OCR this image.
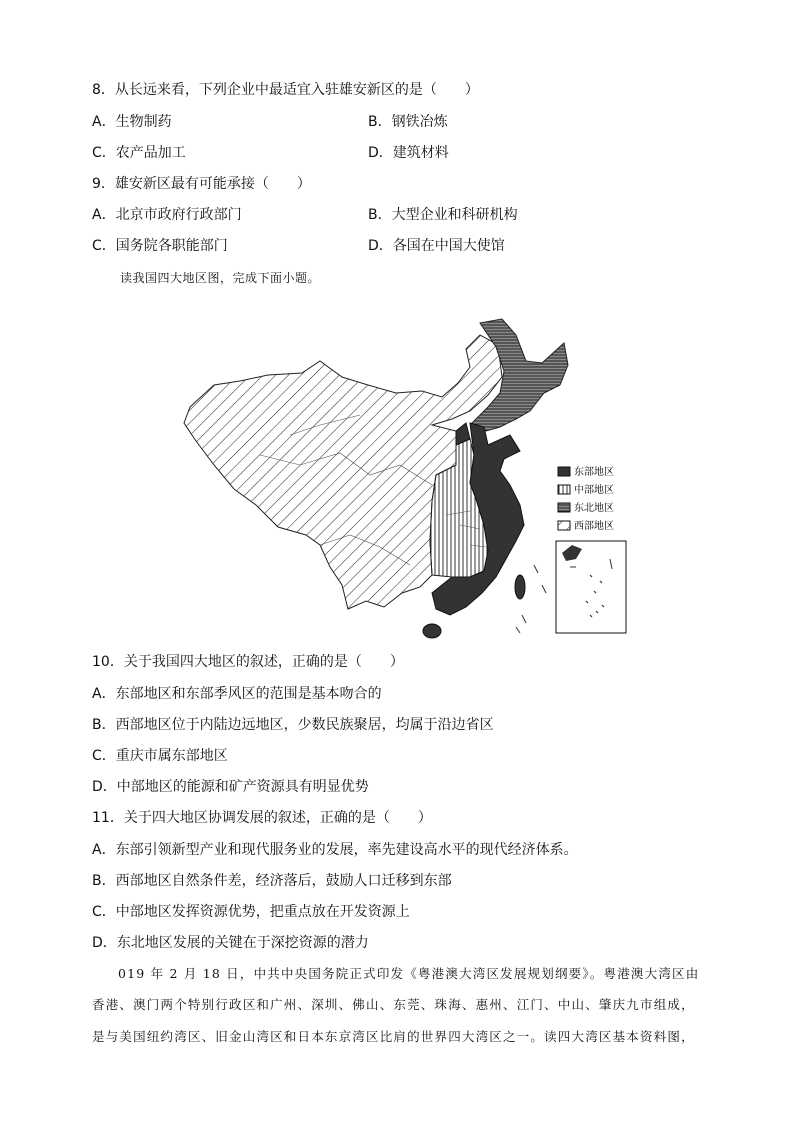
8．从长远来看，下列企业中最适宜入驻雄安新区的是（　　）
A．生物制药	B．钢铁冶炼
C．农产品加工	D．建筑材料
9．雄安新区最有可能承接（　　）
A．北京市政府行政部门	B．大型企业和科研机构
C．国务院各职能部门	D．各国在中国大使馆
读我国四大地区图，完成下面小题。
东部地区
中部地区
东北地区
西部地区
10．关于我国四大地区的叙述，正确的是（　　）
A．东部地区和东部季风区的范围是基本吻合的
B．西部地区位于内陆边远地区，少数民族聚居，均属于沿边省区
C．重庆市属东部地区
D．中部地区的能源和矿产资源具有明显优势
11．关于四大地区协调发展的叙述，正确的是（　　）
A．东部引领新型产业和现代服务业的发展，率先建设高水平的现代经济体系。
B．西部地区自然条件差，经济落后，鼓励人口迁移到东部
C．中部地区发挥资源优势，把重点放在开发资源上
D．东北地区发展的关键在于深挖资源的潜力
019 年 2 月 18 日，中共中央国务院正式印发《粤港澳大湾区发展规划纲要》。粤港澳大湾区由
香港、澳门两个特别行政区和广州、深圳、佛山、东莞、珠海、惠州、江门、中山、肇庆九市组成，
是与美国纽约湾区、旧金山湾区和日本东京湾区比肩的世界四大湾区之一。读四大湾区基本资料图，
